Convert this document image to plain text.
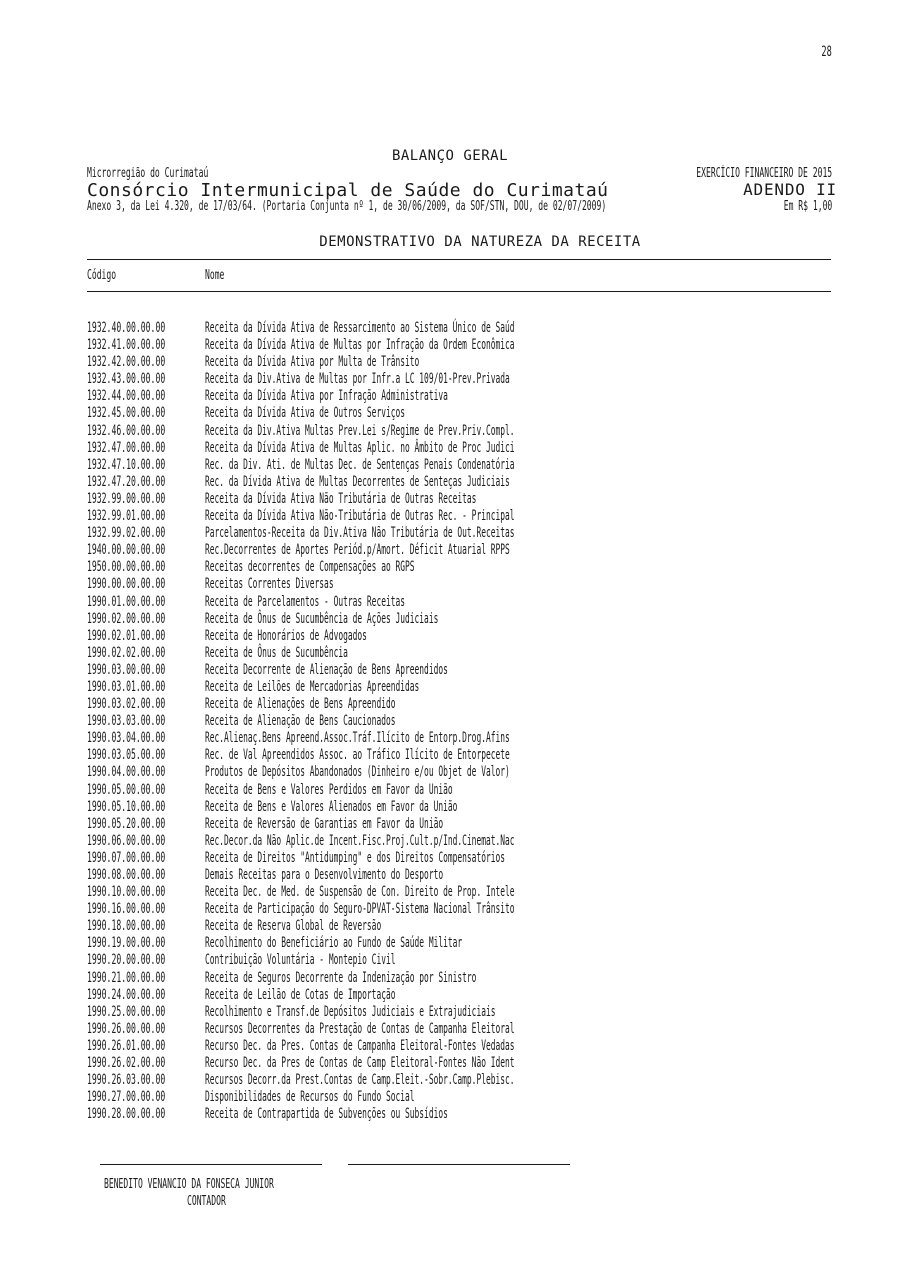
28
BALANÇO GERAL
Microrregião do Curimataú	EXERCÍCIO FINANCEIRO DE 2015
Consórcio Intermunicipal de Saúde do Curimataú	ADENDO II
Anexo 3, da Lei 4.320, de 17/03/64. (Portaria Conjunta nº 1, de 30/06/2009, da SOF/STN, DOU, de 02/07/2009)	Em R$ 1,00
DEMONSTRATIVO DA NATUREZA DA RECEITA
Código	Nome
1932.40.00.00.00	Receita da Dívida Ativa de Ressarcimento ao Sistema Único de Saúd
1932.41.00.00.00	Receita da Dívida Ativa de Multas por Infração da Ordem Econômica
1932.42.00.00.00	Receita da Dívida Ativa por Multa de Trânsito
1932.43.00.00.00	Receita da Div.Ativa de Multas por Infr.a LC 109/01-Prev.Privada
1932.44.00.00.00	Receita da Dívida Ativa por Infração Administrativa
1932.45.00.00.00	Receita da Dívida Ativa de Outros Serviços
1932.46.00.00.00	Receita da Div.Ativa Multas Prev.Lei s/Regime de Prev.Priv.Compl.
1932.47.00.00.00	Receita da Dívida Ativa de Multas Aplic. no Âmbito de Proc Judici
1932.47.10.00.00	Rec. da Div. Ati. de Multas Dec. de Sentenças Penais Condenatória
1932.47.20.00.00	Rec. da Dívida Ativa de Multas Decorrentes de Senteças Judiciais
1932.99.00.00.00	Receita da Dívida Ativa Não Tributária de Outras Receitas
1932.99.01.00.00	Receita da Dívida Ativa Não-Tributária de Outras Rec. - Principal
1932.99.02.00.00	Parcelamentos-Receita da Div.Ativa Não Tributária de Out.Receitas
1940.00.00.00.00	Rec.Decorrentes de Aportes Periód.p/Amort. Déficit Atuarial RPPS
1950.00.00.00.00	Receitas decorrentes de Compensações ao RGPS
1990.00.00.00.00	Receitas Correntes Diversas
1990.01.00.00.00	Receita de Parcelamentos - Outras Receitas
1990.02.00.00.00	Receita de Ônus de Sucumbência de Ações Judiciais
1990.02.01.00.00	Receita de Honorários de Advogados
1990.02.02.00.00	Receita de Ônus de Sucumbência
1990.03.00.00.00	Receita Decorrente de Alienação de Bens Apreendidos
1990.03.01.00.00	Receita de Leilões de Mercadorias Apreendidas
1990.03.02.00.00	Receita de Alienações de Bens Apreendido
1990.03.03.00.00	Receita de Alienação de Bens Caucionados
1990.03.04.00.00	Rec.Alienaç.Bens Apreend.Assoc.Tráf.Ilícito de Entorp.Drog.Afins
1990.03.05.00.00	Rec. de Val Apreendidos Assoc. ao Tráfico Ilícito de Entorpecete
1990.04.00.00.00	Produtos de Depósitos Abandonados (Dinheiro e/ou Objet de Valor)
1990.05.00.00.00	Receita de Bens e Valores Perdidos em Favor da União
1990.05.10.00.00	Receita de Bens e Valores Alienados em Favor da União
1990.05.20.00.00	Receita de Reversão de Garantias em Favor da União
1990.06.00.00.00	Rec.Decor.da Não Aplic.de Incent.Fisc.Proj.Cult.p/Ind.Cinemat.Nac
1990.07.00.00.00	Receita de Direitos "Antidumping" e dos Direitos Compensatórios
1990.08.00.00.00	Demais Receitas para o Desenvolvimento do Desporto
1990.10.00.00.00	Receita Dec. de Med. de Suspensão de Con. Direito de Prop. Intele
1990.16.00.00.00	Receita de Participação do Seguro-DPVAT-Sistema Nacional Trânsito
1990.18.00.00.00	Receita de Reserva Global de Reversão
1990.19.00.00.00	Recolhimento do Beneficiário ao Fundo de Saúde Militar
1990.20.00.00.00	Contribuição Voluntária - Montepio Civil
1990.21.00.00.00	Receita de Seguros Decorrente da Indenização por Sinistro
1990.24.00.00.00	Receita de Leilão de Cotas de Importação
1990.25.00.00.00	Recolhimento e Transf.de Depósitos Judiciais e Extrajudiciais
1990.26.00.00.00	Recursos Decorrentes da Prestação de Contas de Campanha Eleitoral
1990.26.01.00.00	Recurso Dec. da Pres. Contas de Campanha Eleitoral-Fontes Vedadas
1990.26.02.00.00	Recurso Dec. da Pres de Contas de Camp Eleitoral-Fontes Não Ident
1990.26.03.00.00	Recursos Decorr.da Prest.Contas de Camp.Eleit.-Sobr.Camp.Plebisc.
1990.27.00.00.00	Disponibilidades de Recursos do Fundo Social
1990.28.00.00.00	Receita de Contrapartida de Subvenções ou Subsídios
BENEDITO VENANCIO DA FONSECA JUNIOR
CONTADOR
